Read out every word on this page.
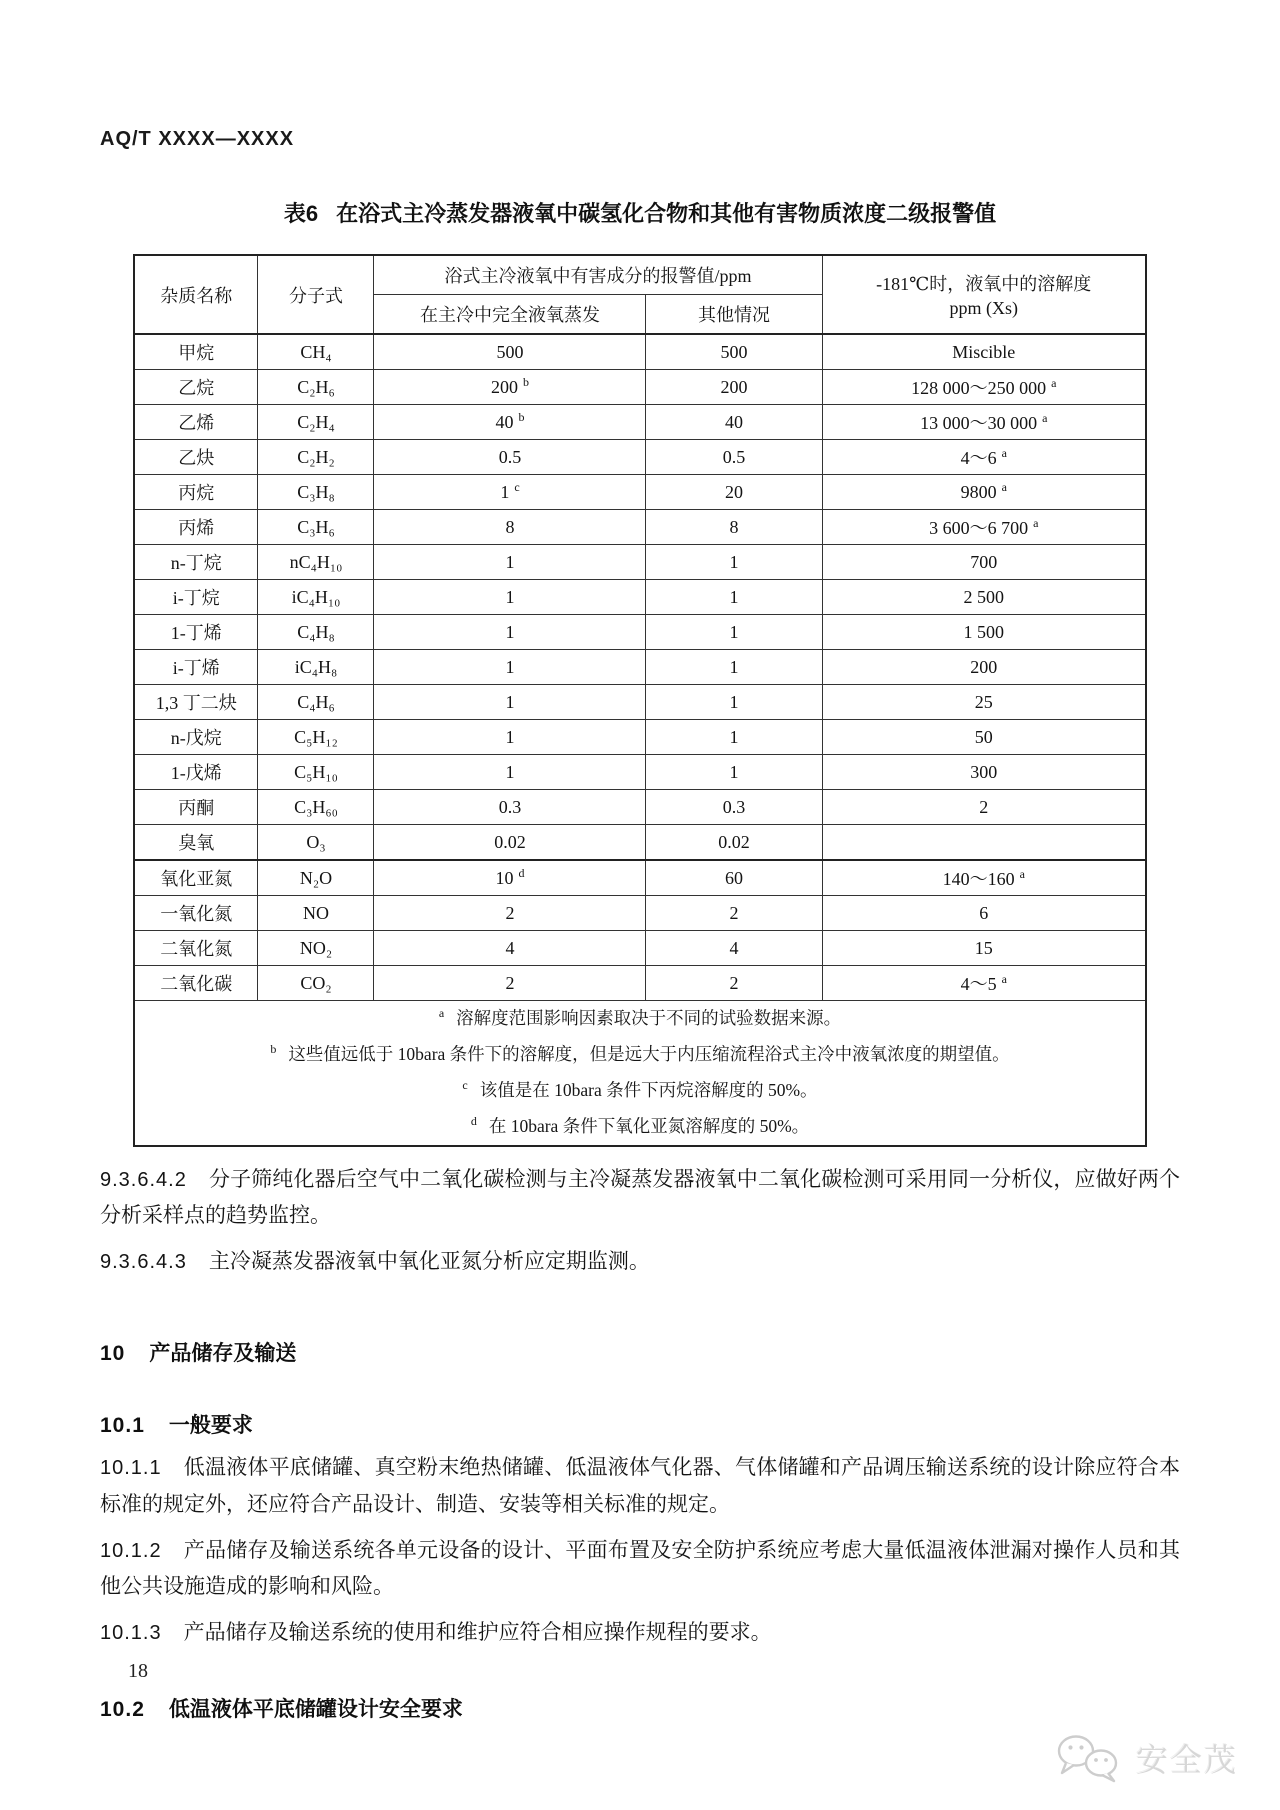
AQ/T XXXX—XXXX
表6 在浴式主冷蒸发器液氧中碳氢化合物和其他有害物质浓度二级报警值
杂质名称	分子式	浴式主冷液氧中有害成分的报警值/ppm		-181℃时，液氧中的溶解度
ppm (Xs)

		在主冷中完全液氧蒸发	其他情况	
甲烷	CH₄	500	500	Miscible
乙烷	C₂H₆	200 $^b$	200	128 000～250 000 $^a$
乙烯	C₂H₄	40 $^b$	40	13 000～30 000 $^a$
乙炔	C₂H₂	0.5	0.5	4～6 $^a$
丙烷	C₃H₈	1 $^c$	20	9800 $^a$
丙烯	C₃H₆	8	8	3 600～6 700 $^a$
n-丁烷	nC₄H₁₀	1	1	700
i-丁烷	iC₄H₁₀	1	1	2 500
1-丁烯	C₄H₈	1	1	1 500
i-丁烯	iC₄H₈	1	1	200
1,3 丁二炔	C₄H₆	1	1	25
n-戊烷	C₅H₁₂	1	1	50
1-戊烯	C₅H₁₀	1	1	300
丙酮	C₃H₆₀	0.3	0.3	2
臭氧	O₃	0.02	0.02	
氧化亚氮	N₂O	10 $^d$	60	140～160 $^a$
一氧化氮	NO	2	2	6
二氧化氮	NO₂	4	4	15
二氧化碳	CO₂	2	2	4～5 $^a$

$^a$ 溶解度范围影响因素取决于不同的试验数据来源。
$^b$ 这些值远低于 10bara 条件下的溶解度，但是远大于内压缩流程浴式主冷中液氧浓度的期望值。
$^c$ 该值是在 10bara 条件下丙烷溶解度的 50%。
$^d$ 在 10bara 条件下氧化亚氮溶解度的 50%。				

9.3.6.4.2 分子筛纯化器后空气中二氧化碳检测与主冷凝蒸发器液氧中二氧化碳检测可采用同一分析仪，应做好两个分析采样点的趋势监控。

9.3.6.4.3 主冷凝蒸发器液氧中氧化亚氮分析应定期监测。

10 产品储存及输送

10.1 一般要求

10.1.1 低温液体平底储罐、真空粉末绝热储罐、低温液体气化器、气体储罐和产品调压输送系统的设计除应符合本标准的规定外，还应符合产品设计、制造、安装等相关标准的规定。

10.1.2 产品储存及输送系统各单元设备的设计、平面布置及安全防护系统应考虑大量低温液体泄漏对操作人员和其他公共设施造成的影响和风险。

10.1.3 产品储存及输送系统的使用和维护应符合相应操作规程的要求。

10.2 低温液体平底储罐设计安全要求

18
安全茂
